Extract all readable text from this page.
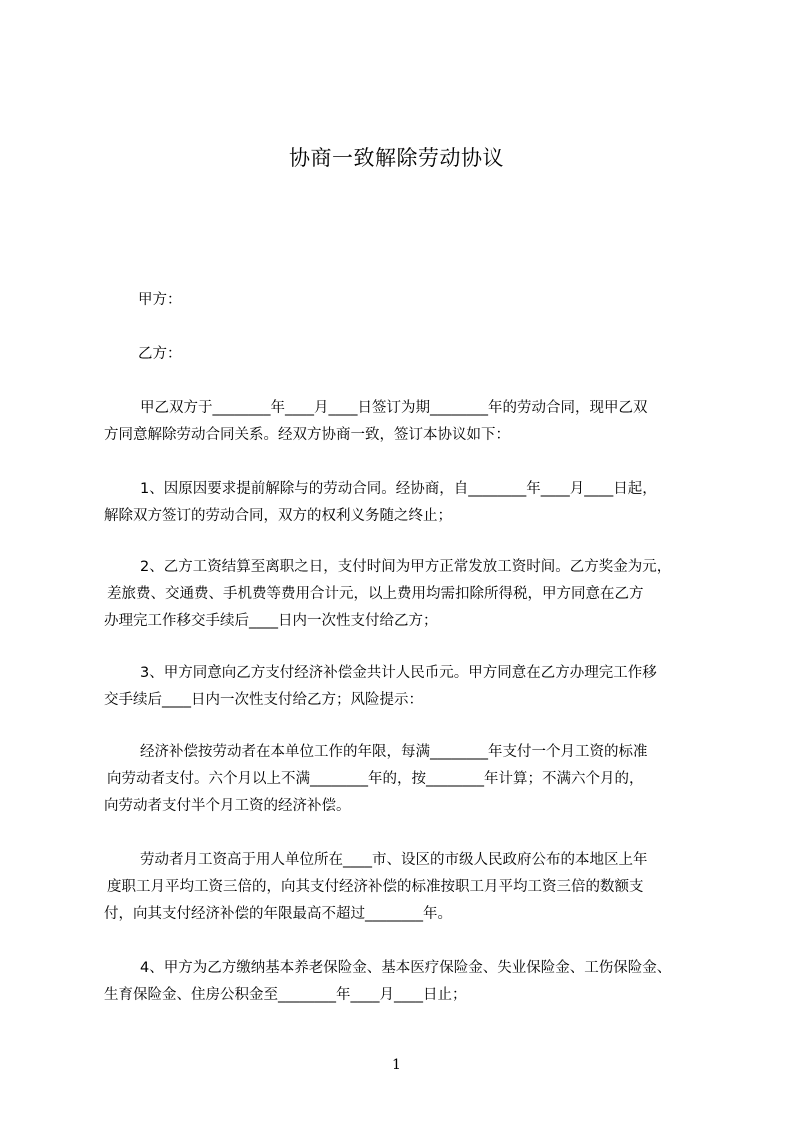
协商一致解除劳动协议
甲方：
乙方：
甲乙双方于________年____月____日签订为期________年的劳动合同，现甲乙双
方同意解除劳动合同关系。经双方协商一致，签订本协议如下：
1、因原因要求提前解除与的劳动合同。经协商，自________年____月____日起，
解除双方签订的劳动合同，双方的权利义务随之终止；
2、乙方工资结算至离职之日，支付时间为甲方正常发放工资时间。乙方奖金为元，
差旅费、交通费、手机费等费用合计元，以上费用均需扣除所得税，甲方同意在乙方
办理完工作移交手续后____日内一次性支付给乙方；
3、甲方同意向乙方支付经济补偿金共计人民币元。甲方同意在乙方办理完工作移
交手续后____日内一次性支付给乙方；风险提示：
经济补偿按劳动者在本单位工作的年限，每满________年支付一个月工资的标准
向劳动者支付。六个月以上不满________年的，按________年计算；不满六个月的，
向劳动者支付半个月工资的经济补偿。
劳动者月工资高于用人单位所在____市、设区的市级人民政府公布的本地区上年
度职工月平均工资三倍的，向其支付经济补偿的标准按职工月平均工资三倍的数额支
付，向其支付经济补偿的年限最高不超过________年。
4、甲方为乙方缴纳基本养老保险金、基本医疗保险金、失业保险金、工伤保险金、
生育保险金、住房公积金至________年____月____日止；
1
